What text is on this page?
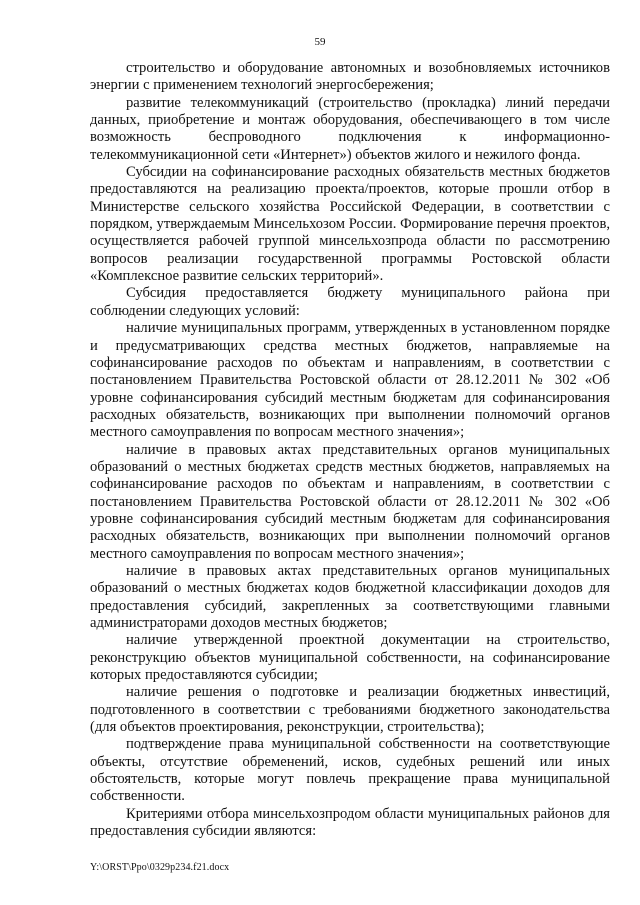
59

строительство и оборудование автономных и возобновляемых источников энергии с применением технологий энергосбережения;

развитие телекоммуникаций (строительство (прокладка) линий передачи данных, приобретение и монтаж оборудования, обеспечивающего в том числе возможность беспроводного подключения к информационно-телекоммуникационной сети «Интернет») объектов жилого и нежилого фонда.

Субсидии на софинансирование расходных обязательств местных бюджетов предоставляются на реализацию проекта/проектов, которые прошли отбор в Министерстве сельского хозяйства Российской Федерации, в соответствии с порядком, утверждаемым Минсельхозом России. Формирование перечня проектов, осуществляется рабочей группой минсельхозпрода области по рассмотрению вопросов реализации государственной программы Ростовской области «Комплексное развитие сельских территорий».

Субсидия предоставляется бюджету муниципального района при соблюдении следующих условий:

наличие муниципальных программ, утвержденных в установленном порядке и предусматривающих средства местных бюджетов, направляемые на софинансирование расходов по объектам и направлениям, в соответствии с постановлением Правительства Ростовской области от 28.12.2011 № 302 «Об уровне софинансирования субсидий местным бюджетам для софинансирования расходных обязательств, возникающих при выполнении полномочий органов местного самоуправления по вопросам местного значения»;

наличие в правовых актах представительных органов муниципальных образований о местных бюджетах средств местных бюджетов, направляемых на софинансирование расходов по объектам и направлениям, в соответствии с постановлением Правительства Ростовской области от 28.12.2011 № 302 «Об уровне софинансирования субсидий местным бюджетам для софинансирования расходных обязательств, возникающих при выполнении полномочий органов местного самоуправления по вопросам местного значения»;

наличие в правовых актах представительных органов муниципальных образований о местных бюджетах кодов бюджетной классификации доходов для предоставления субсидий, закрепленных за соответствующими главными администраторами доходов местных бюджетов;

наличие утвержденной проектной документации на строительство, реконструкцию объектов муниципальной собственности, на софинансирование которых предоставляются субсидии;

наличие решения о подготовке и реализации бюджетных инвестиций, подготовленного в соответствии с требованиями бюджетного законодательства (для объектов проектирования, реконструкции, строительства);

подтверждение права муниципальной собственности на соответствующие объекты, отсутствие обременений, исков, судебных решений или иных обстоятельств, которые могут повлечь прекращение права муниципальной собственности.

Критериями отбора минсельхозпродом области муниципальных районов для предоставления субсидии являются:

Y:\ORST\Ppo\0329p234.f21.docx
